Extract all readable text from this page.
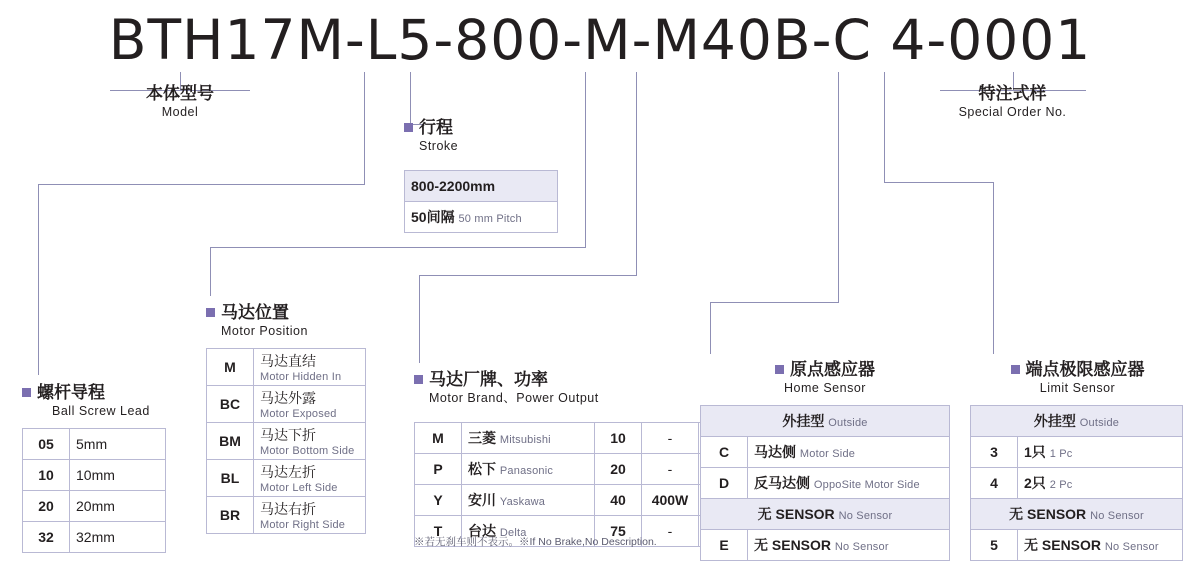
BTH17M-L5-800-M-M40B-C 4-0001
本体型号
Model
特注式样
Special Order No.
行程
Stroke
螺杆导程
Ball Screw Lead
马达位置
Motor Position
马达厂牌、功率
Motor Brand、Power Output
原点感应器
Home Sensor
端点极限感应器
Limit Sensor
800-2200mm
50间隔 50 mm Pitch
05	5mm
10	10mm
20	20mm
32	32mm
M	马达直结
Motor Hidden In

BC	马达外露
Motor Exposed

BM	马达下折
Motor Bottom Side

BL	马达左折
Motor Left Side

BR	马达右折
Motor Right Side
M	三菱 Mitsubishi	10	-	
P	松下 Panasonic	20	-	
Y	安川 Yaskawa	40	400W	
T	台达 Delta	75	-	
※若无刹车则不表示。※If No Brake,No Description.
外挂型 Outside	
C	马达侧 Motor Side
D	反马达侧 OppoSite Motor Side
无 SENSOR No Sensor	
E	无 SENSOR No Sensor
外挂型 Outside	
3	1只 1 Pc
4	2只 2 Pc
无 SENSOR No Sensor	
5	无 SENSOR No Sensor
